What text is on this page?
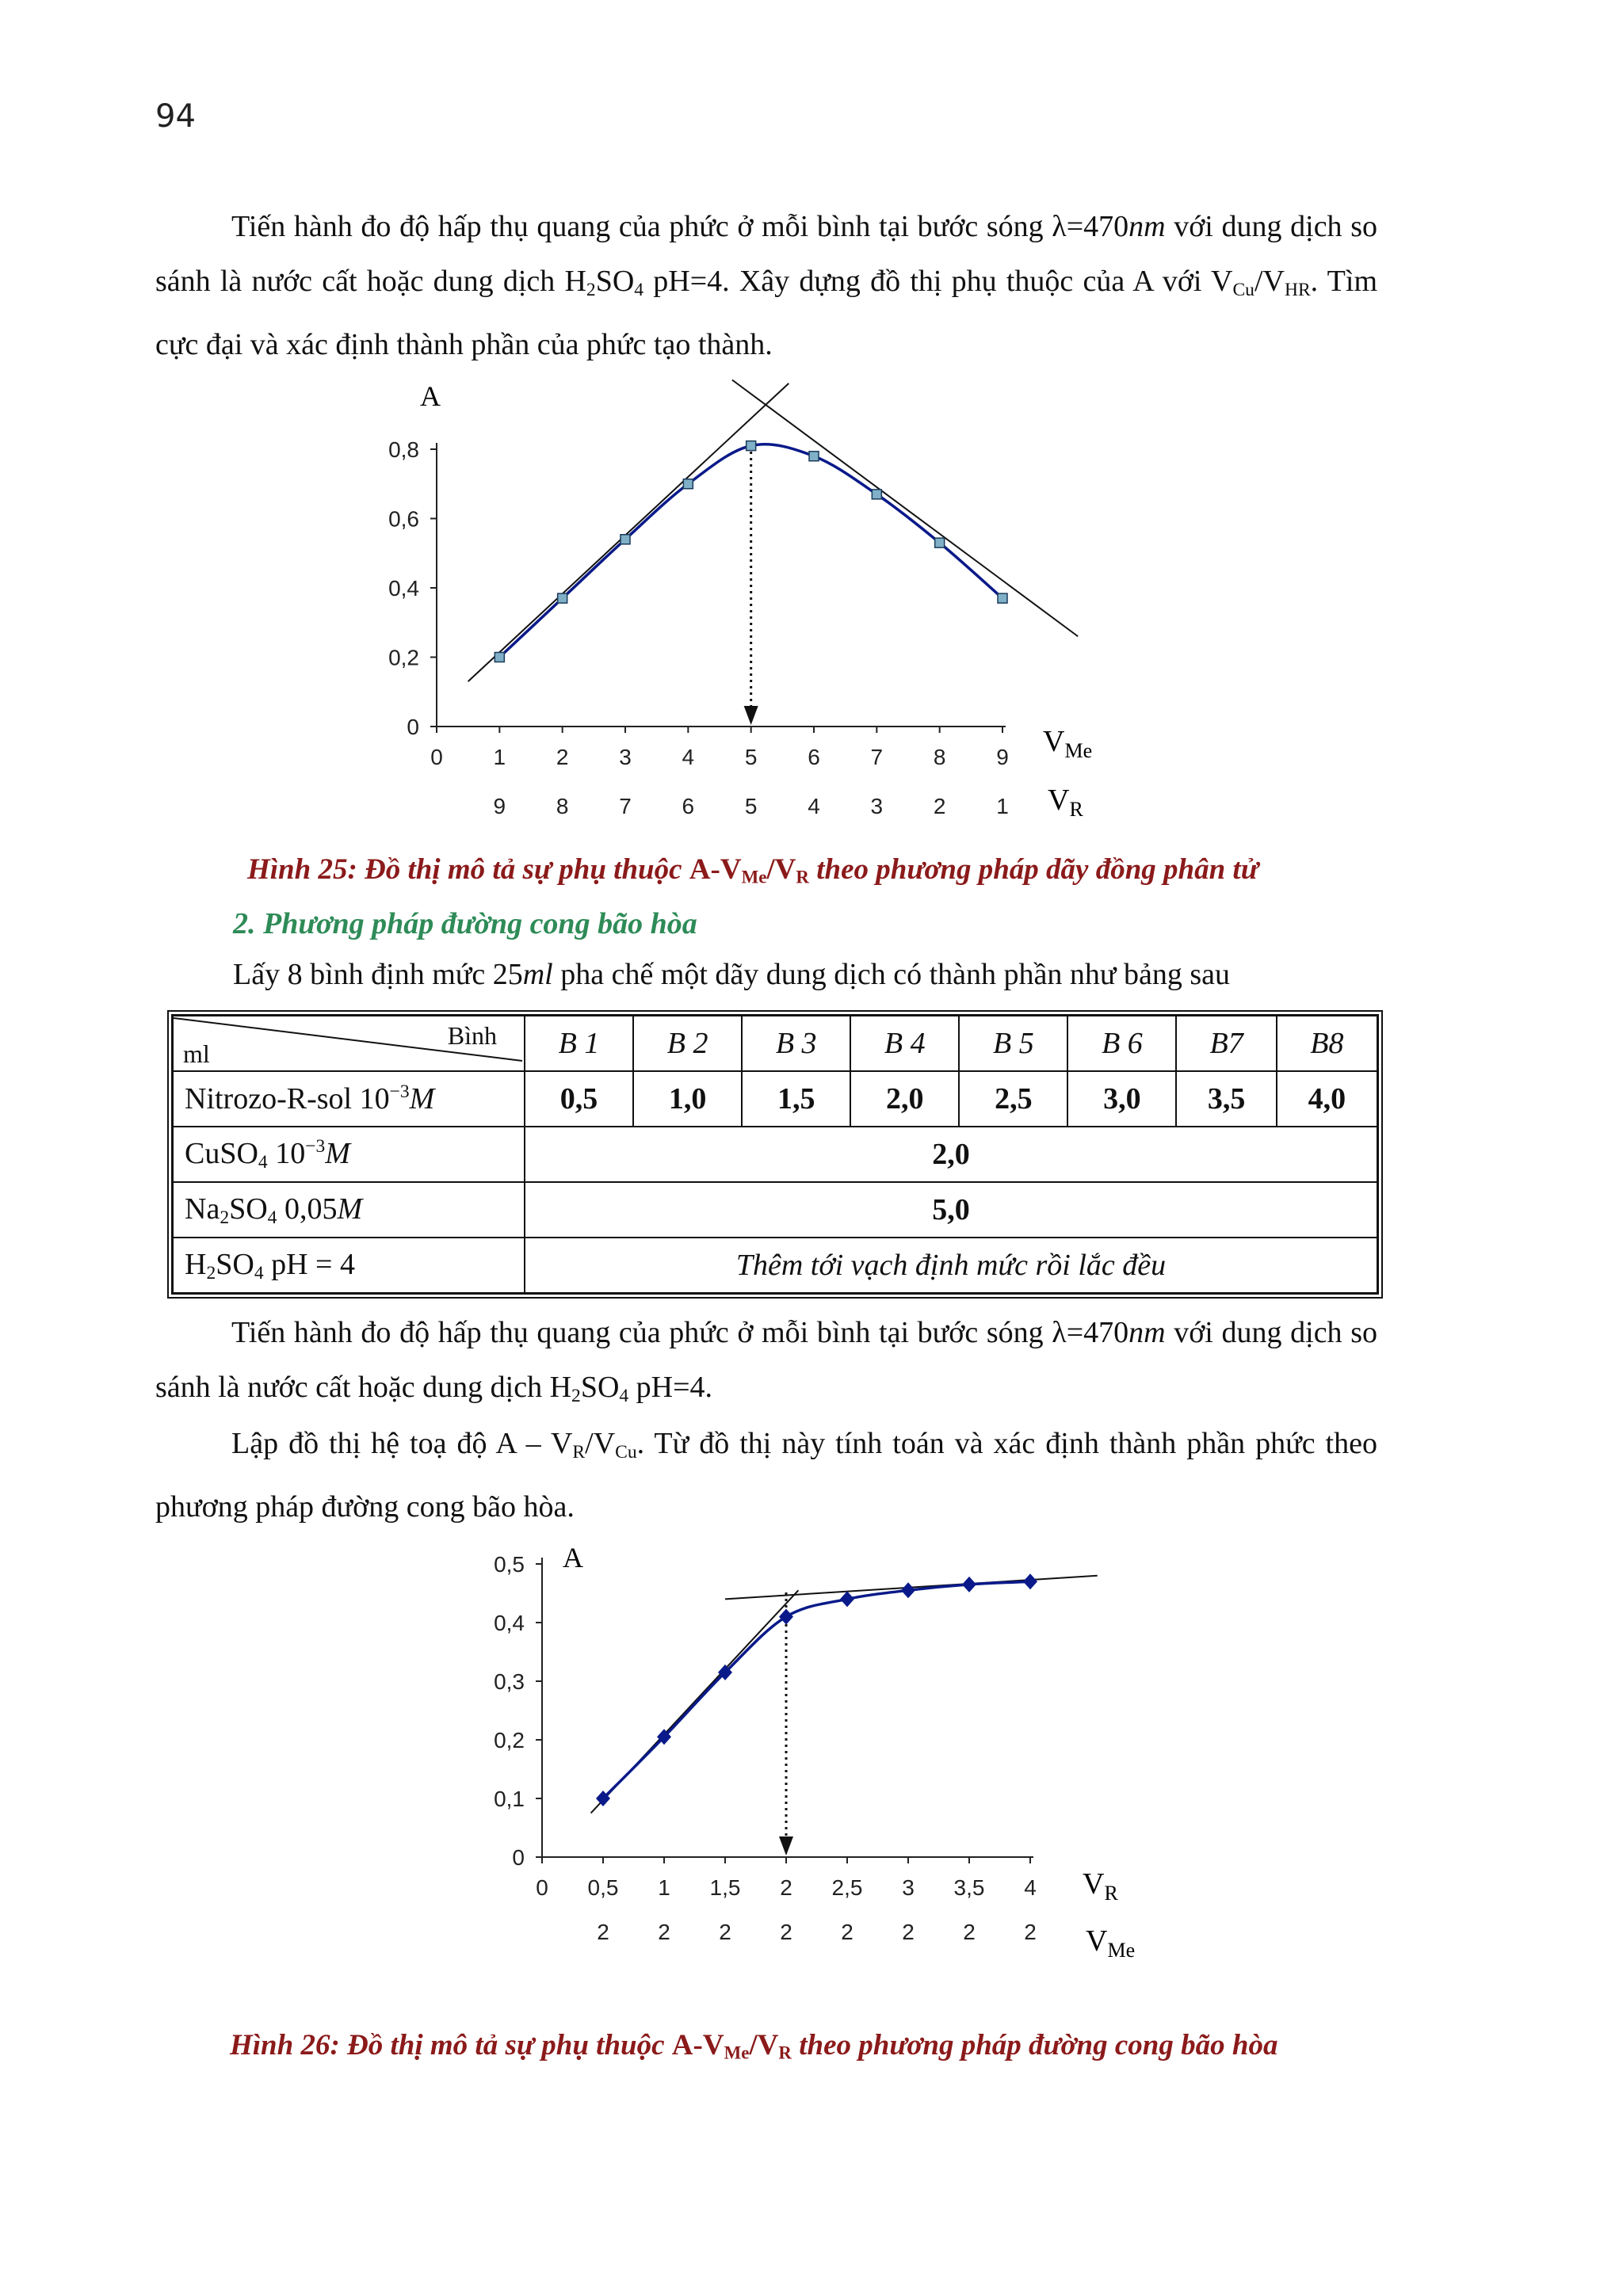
94
Tiến hành đo độ hấp thụ quang của phức ở mỗi bình tại bước sóng λ=470nm với dung dịch so sánh là nước cất hoặc dung dịch $H_2SO_4$ pH=4. Xây dựng đồ thị phụ thuộc của A với $V_{Cu}/V_{HR}$. Tìm cực đại và xác định thành phần của phức tạo thành.
0
0,2
0,4
0,6
0,8
0 1 2 3 4 5 6 7 8 9
9 8 7 6 5 4 3 2 1
0
0,1
0,2
0,3
0,4
0,5
0 0,5 1 1,5 2 2,5 3 3,5 4
2 2 2 2 2 2 2 2
A
$V_{Me}$
$V_R$
A
$V_R$
$V_{Me}$
Hình 25: Đồ thị mô tả sự phụ thuộc $A-V_{Me}/V_R$ theo phương pháp dãy đồng phân tử
2. Phương pháp đường cong bão hòa
Lấy 8 bình định mức 25ml pha chế một dãy dung dịch có thành phần như bảng sau
Bình
ml	B 1	B 2	B 3	B 4	B 5	B 6	B7	B8
Nitrozo-R-sol $10^{-3}M$	0,5	1,0	1,5	2,0	2,5	3,0	3,5	4,0
CuSO$_4$ $10^{-3}M$	2,0							
$Na_2SO_4$ 0,05M	5,0							
$H_2SO_4$ pH = 4	Thêm tới vạch định mức rồi lắc đều							
Tiến hành đo độ hấp thụ quang của phức ở mỗi bình tại bước sóng λ=470nm với dung dịch so sánh là nước cất hoặc dung dịch $H_2SO_4$ pH=4.
Lập đồ thị hệ toạ độ A – $V_R/V_{Cu}$. Từ đồ thị này tính toán và xác định thành phần phức theo phương pháp đường cong bão hòa.
Hình 26: Đồ thị mô tả sự phụ thuộc $A-V_{Me}/V_R$ theo phương pháp đường cong bão hòa
